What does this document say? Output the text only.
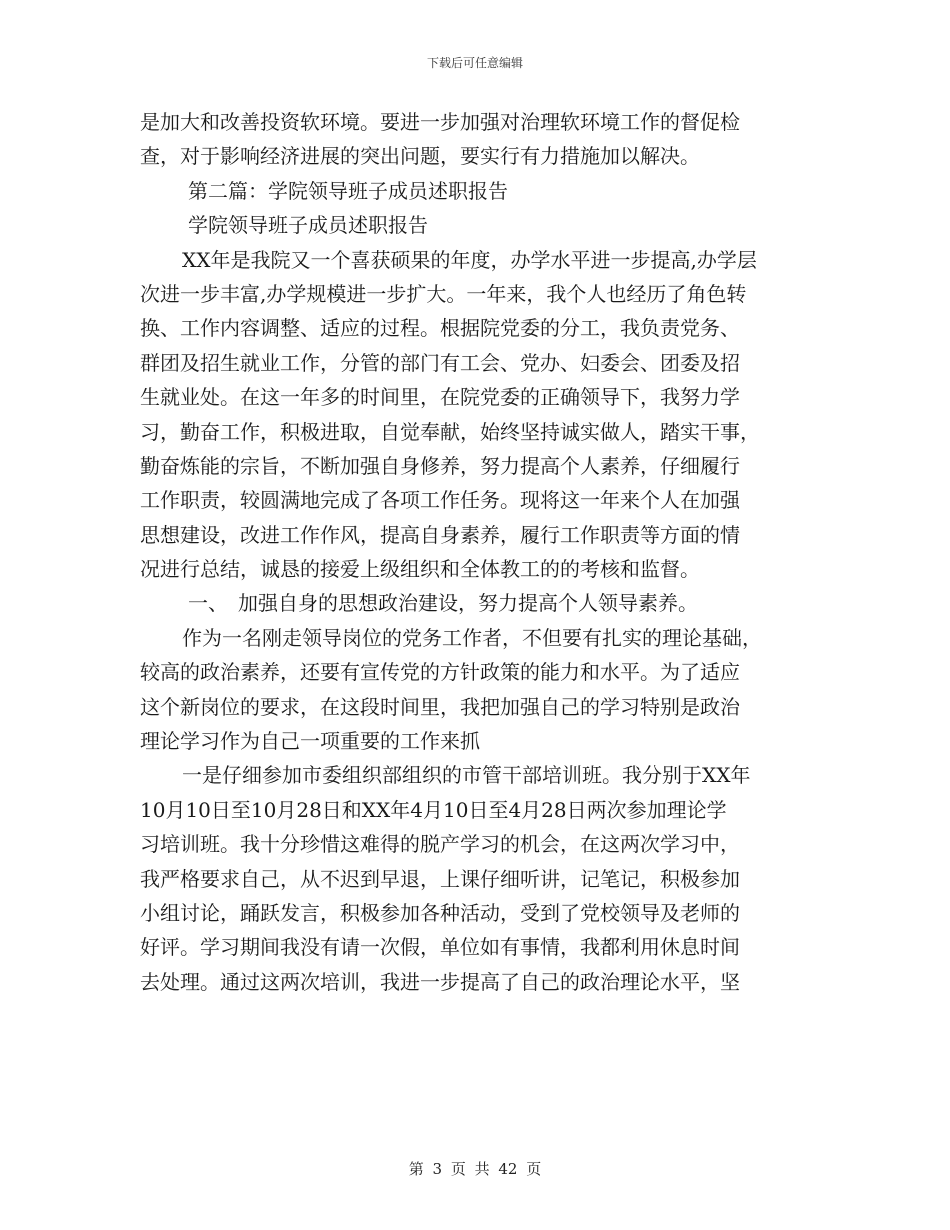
下载后可任意编辑
是加大和改善投资软环境。要进一步加强对治理软环境工作的督促检
查，对于影响经济进展的突出问题，要实行有力措施加以解决。
第二篇：学院领导班子成员述职报告
学院领导班子成员述职报告
XX年是我院又一个喜获硕果的年度，办学水平进一步提高,办学层
次进一步丰富,办学规模进一步扩大。一年来，我个人也经历了角色转
换、工作内容调整、适应的过程。根据院党委的分工，我负责党务、
群团及招生就业工作，分管的部门有工会、党办、妇委会、团委及招
生就业处。在这一年多的时间里，在院党委的正确领导下，我努力学
习，勤奋工作，积极进取，自觉奉献，始终坚持诚实做人，踏实干事，
勤奋炼能的宗旨，不断加强自身修养，努力提高个人素养，仔细履行
工作职责，较圆满地完成了各项工作任务。现将这一年来个人在加强
思想建设，改进工作作风，提高自身素养，履行工作职责等方面的情
况进行总结，诚恳的接爱上级组织和全体教工的的考核和监督。
一、　加强自身的思想政治建设，努力提高个人领导素养。
作为一名刚走领导岗位的党务工作者，不但要有扎实的理论基础，
较高的政治素养，还要有宣传党的方针政策的能力和水平。为了适应
这个新岗位的要求，在这段时间里，我把加强自己的学习特别是政治
理论学习作为自己一项重要的工作来抓
一是仔细参加市委组织部组织的市管干部培训班。我分别于XX年
10月10日至10月28日和XX年4月10日至4月28日两次参加理论学
习培训班。我十分珍惜这难得的脱产学习的机会，在这两次学习中，
我严格要求自己，从不迟到早退，上课仔细听讲，记笔记，积极参加
小组讨论，踊跃发言，积极参加各种活动，受到了党校领导及老师的
好评。学习期间我没有请一次假，单位如有事情，我都利用休息时间
去处理。通过这两次培训，我进一步提高了自己的政治理论水平，坚
第 3 页 共 42 页
